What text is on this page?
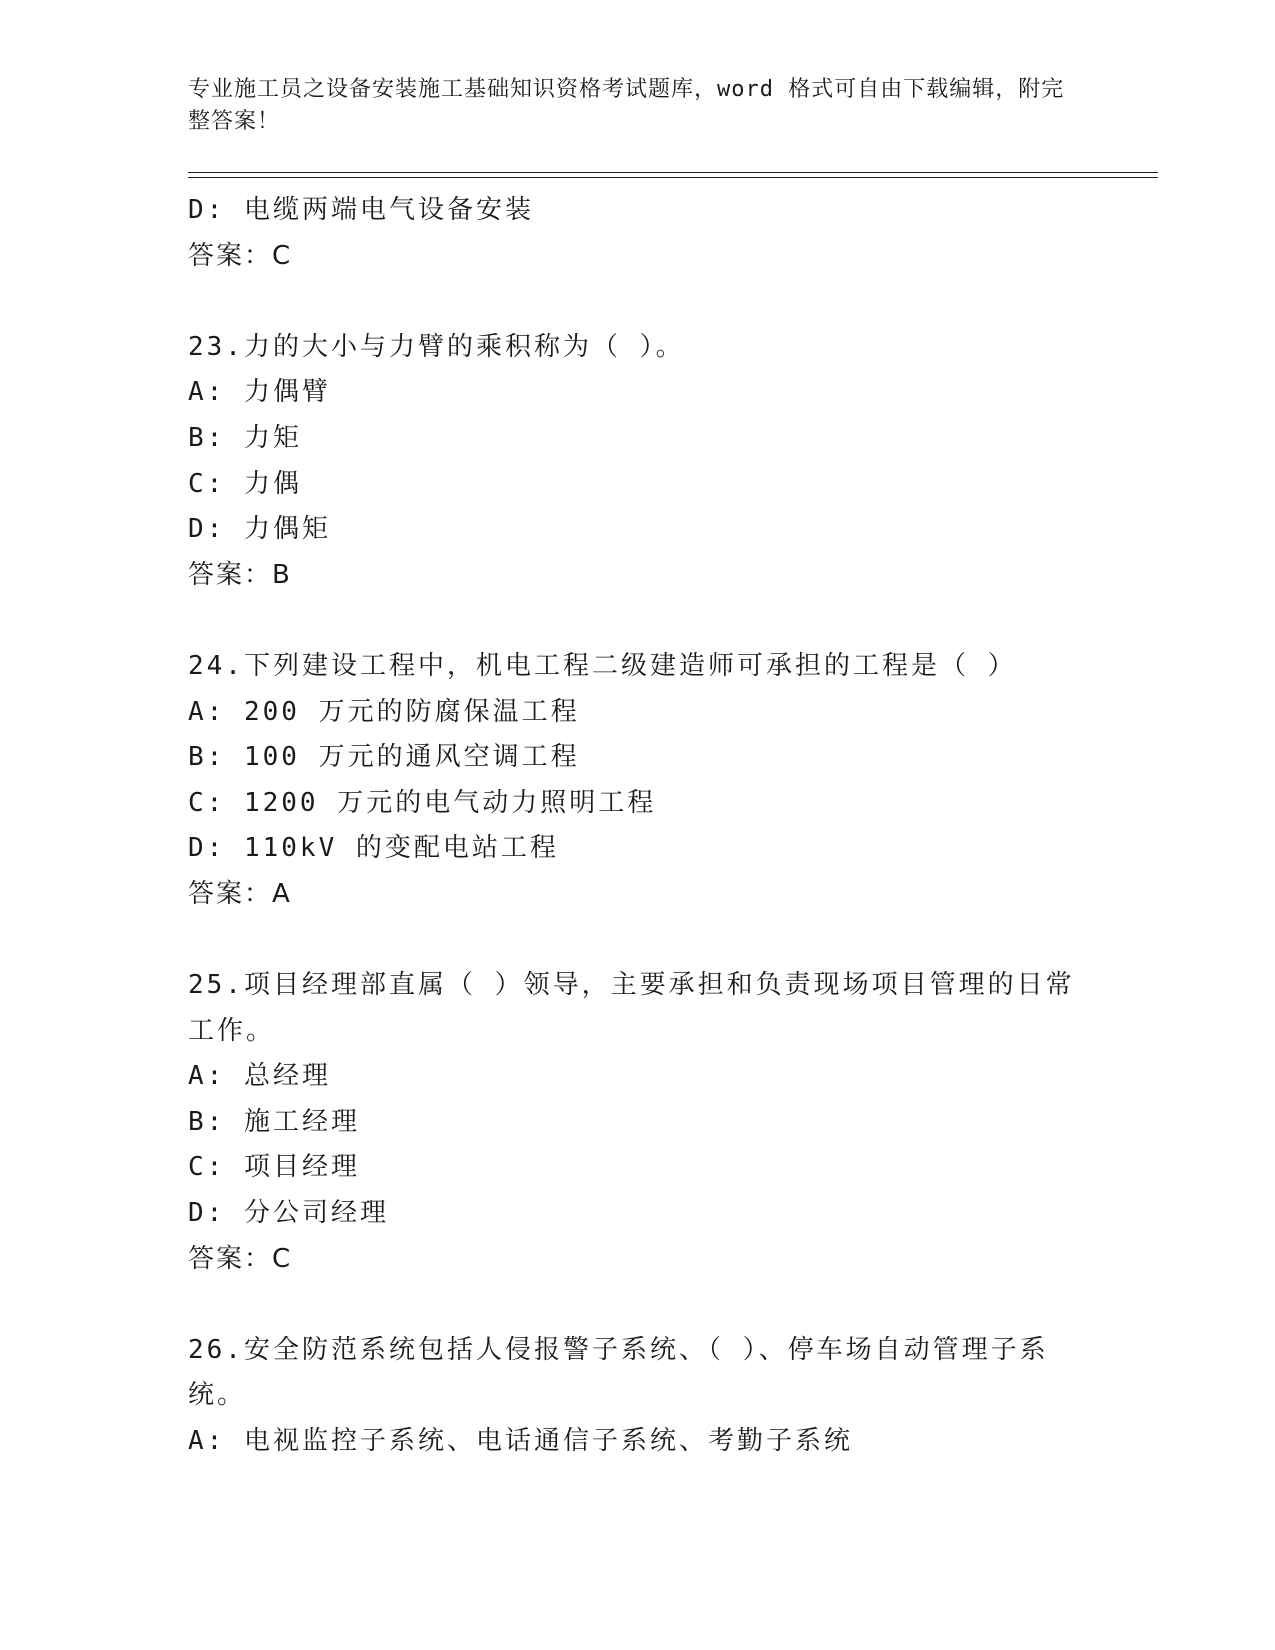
专业施工员之设备安装施工基础知识资格考试题库，word 格式可自由下载编辑，附完整答案！

D: 电缆两端电气设备安装

答案：C

23.力的大小与力臂的乘积称为（ ）。

A: 力偶臂

B: 力矩

C: 力偶

D: 力偶矩

答案：B

24.下列建设工程中，机电工程二级建造师可承担的工程是（ ）

A: 200 万元的防腐保温工程

B: 100 万元的通风空调工程

C: 1200 万元的电气动力照明工程

D: 110kV 的变配电站工程

答案：A

25.项目经理部直属（ ）领导，主要承担和负责现场项目管理的日常工作。

A: 总经理

B: 施工经理

C: 项目经理

D: 分公司经理

答案：C

26.安全防范系统包括人侵报警子系统、（ ）、停车场自动管理子系统。

A: 电视监控子系统、电话通信子系统、考勤子系统
